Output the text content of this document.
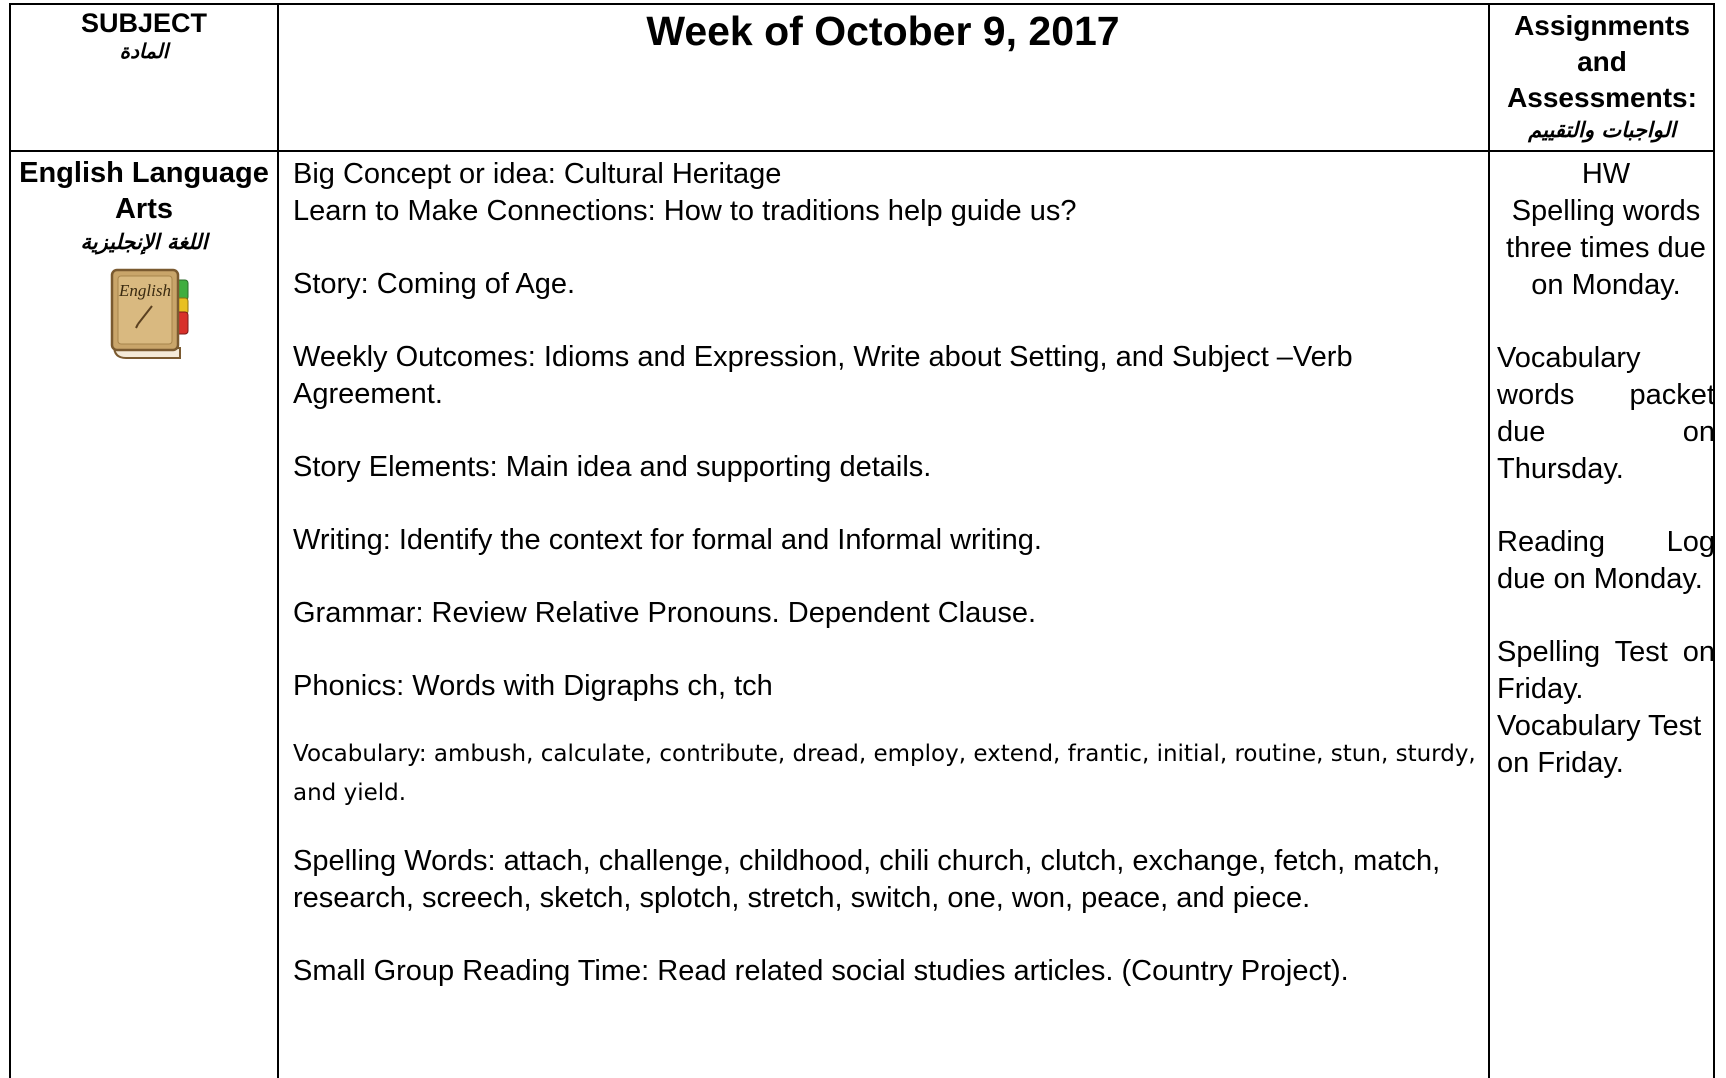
SUBJECT
المادة	Week of October 9, 2017	Assignments and Assessments:
الواجبات والتقييم
English Language Arts
اللغة الإنجليزية
English

Big Concept or idea: Cultural Heritage

Learn to Make Connections: How to traditions help guide us?

Story: Coming of Age.

Weekly Outcomes: Idioms and Expression, Write about Setting, and Subject –Verb Agreement.

Story Elements: Main idea and supporting details.

Writing: Identify the context for formal and Informal writing.

Grammar: Review Relative Pronouns. Dependent Clause.

Phonics: Words with Digraphs ch, tch

Vocabulary: ambush, calculate, contribute, dread, employ, extend, frantic, initial, routine, stun, sturdy, and yield.

Spelling Words: attach, challenge, childhood, chili church, clutch, exchange, fetch, match, research, screech, sketch, splotch, stretch, switch, one, won, peace, and piece.

Small Group Reading Time: Read related social studies articles. (Country Project).

HW

Spelling words three times due on Monday.

Vocabulary words packet due on Thursday.

Reading Log due on Monday.

Spelling Test on Friday.

Vocabulary Test on Friday.
